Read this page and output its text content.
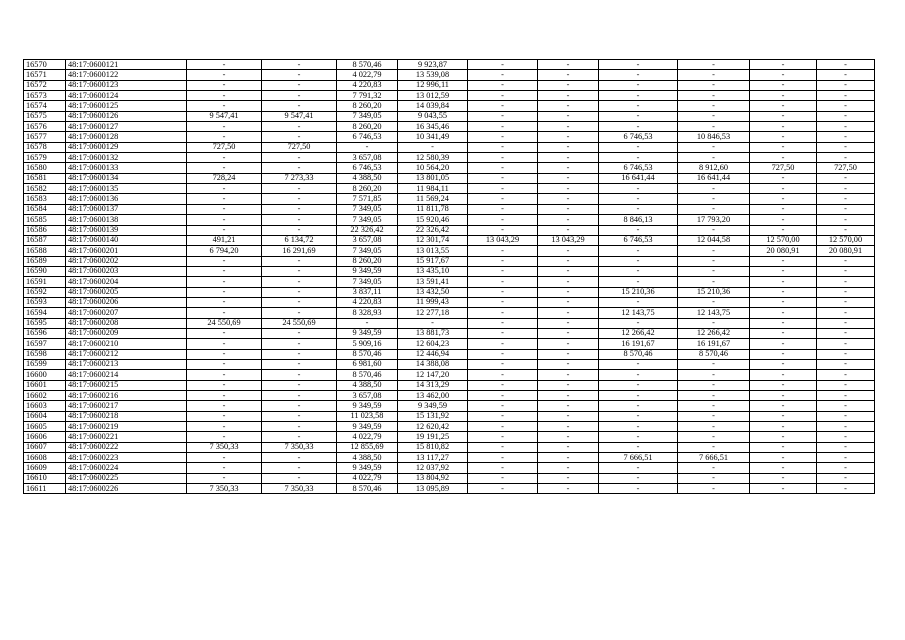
16570	48:17:0600121	-	-	8 570,46	9 923,87	-	-	-	-	-	-
16571	48:17:0600122	-	-	4 022,79	13 539,08	-	-	-	-	-	-
16572	48:17:0600123	-	-	4 220,83	12 996,11	-	-	-	-	-	-
16573	48:17:0600124	-	-	7 791,32	13 012,59	-	-	-	-	-	-
16574	48:17:0600125	-	-	8 260,20	14 039,84	-	-	-	-	-	-
16575	48:17:0600126	9 547,41	9 547,41	7 349,05	9 043,55	-	-	-	-	-	-
16576	48:17:0600127	-	-	8 260,20	16 345,46	-	-	-	-	-	-
16577	48:17:0600128	-	-	6 746,53	10 341,49	-	-	6 746,53	10 846,53	-	-
16578	48:17:0600129	727,50	727,50	-	-	-	-	-	-	-	-
16579	48:17:0600132	-	-	3 657,08	12 580,39	-	-	-	-	-	-
16580	48:17:0600133	-	-	6 746,53	10 564,20	-	-	6 746,53	8 912,60	727,50	727,50
16581	48:17:0600134	728,24	7 273,33	4 388,50	13 801,05	-	-	16 641,44	16 641,44	-	-
16582	48:17:0600135	-	-	8 260,20	11 984,11	-	-	-	-	-	-
16583	48:17:0600136	-	-	7 571,85	11 569,24	-	-	-	-	-	-
16584	48:17:0600137	-	-	7 349,05	11 811,78	-	-	-	-	-	-
16585	48:17:0600138	-	-	7 349,05	15 920,46	-	-	8 846,13	17 793,20	-	-
16586	48:17:0600139	-	-	22 326,42	22 326,42	-	-	-	-	-	-
16587	48:17:0600140	491,21	6 134,72	3 657,08	12 301,74	13 043,29	13 043,29	6 746,53	12 044,58	12 570,00	12 570,00
16588	48:17:0600201	6 794,20	16 291,69	7 349,05	13 013,55	-	-	-	-	20 080,91	20 080,91
16589	48:17:0600202	-	-	8 260,20	15 917,67	-	-	-	-	-	-
16590	48:17:0600203	-	-	9 349,59	13 435,10	-	-	-	-	-	-
16591	48:17:0600204	-	-	7 349,05	13 591,41	-	-	-	-	-	-
16592	48:17:0600205	-	-	3 837,11	13 432,50	-	-	15 210,36	15 210,36	-	-
16593	48:17:0600206	-	-	4 220,83	11 999,43	-	-	-	-	-	-
16594	48:17:0600207	-	-	8 328,93	12 277,18	-	-	12 143,75	12 143,75	-	-
16595	48:17:0600208	24 550,69	24 550,69	-	-	-	-	-	-	-	-
16596	48:17:0600209	-	-	9 349,59	13 881,73	-	-	12 266,42	12 266,42	-	-
16597	48:17:0600210	-	-	5 909,16	12 604,23	-	-	16 191,67	16 191,67	-	-
16598	48:17:0600212	-	-	8 570,46	12 446,94	-	-	8 570,46	8 570,46	-	-
16599	48:17:0600213	-	-	6 981,60	14 388,08	-	-	-	-	-	-
16600	48:17:0600214	-	-	8 570,46	12 147,20	-	-	-	-	-	-
16601	48:17:0600215	-	-	4 388,50	14 313,29	-	-	-	-	-	-
16602	48:17:0600216	-	-	3 657,08	13 462,00	-	-	-	-	-	-
16603	48:17:0600217	-	-	9 349,59	9 349,59	-	-	-	-	-	-
16604	48:17:0600218	-	-	11 023,58	15 131,92	-	-	-	-	-	-
16605	48:17:0600219	-	-	9 349,59	12 620,42	-	-	-	-	-	-
16606	48:17:0600221	-	-	4 022,79	19 191,25	-	-	-	-	-	-
16607	48:17:0600222	7 350,33	7 350,33	12 855,69	15 810,82	-	-	-	-	-	-
16608	48:17:0600223	-	-	4 388,50	13 117,27	-	-	7 666,51	7 666,51	-	-
16609	48:17:0600224	-	-	9 349,59	12 037,92	-	-	-	-	-	-
16610	48:17:0600225	-	-	4 022,79	13 804,92	-	-	-	-	-	-
16611	48:17:0600226	7 350,33	7 350,33	8 570,46	13 095,89	-	-	-	-	-	-
